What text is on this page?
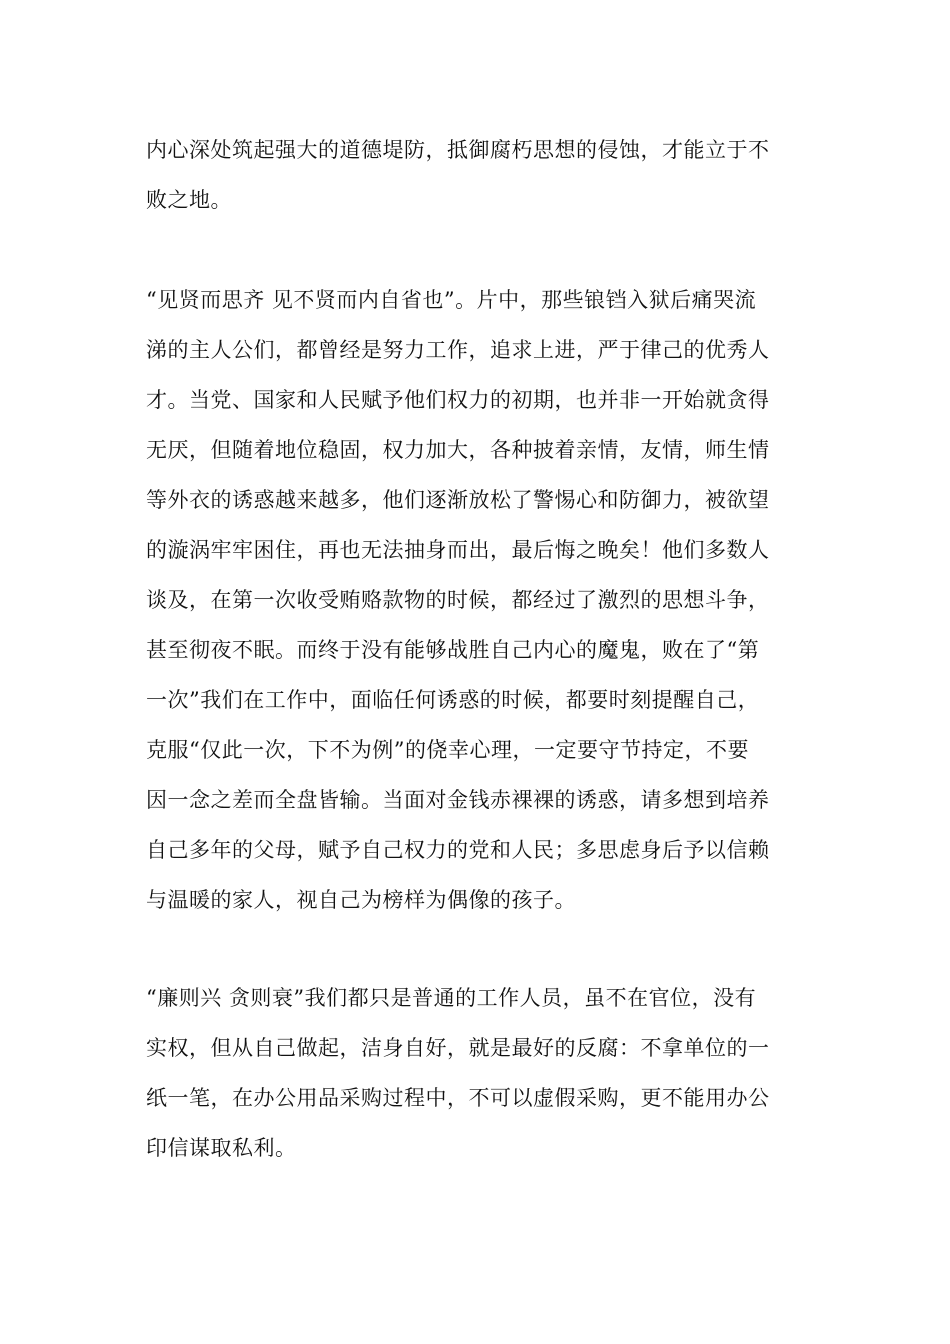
内心深处筑起强大的道德堤防，抵御腐朽思想的侵蚀，才能立于不
败之地。

“见贤而思齐 见不贤而内自省也”。片中，那些锒铛入狱后痛哭流
涕的主人公们，都曾经是努力工作，追求上进，严于律己的优秀人
才。当党、国家和人民赋予他们权力的初期，也并非一开始就贪得
无厌，但随着地位稳固，权力加大，各种披着亲情，友情，师生情
等外衣的诱惑越来越多，他们逐渐放松了警惕心和防御力，被欲望
的漩涡牢牢困住，再也无法抽身而出，最后悔之晚矣！他们多数人
谈及，在第一次收受贿赂款物的时候，都经过了激烈的思想斗争，
甚至彻夜不眠。而终于没有能够战胜自己内心的魔鬼，败在了“第
一次”我们在工作中，面临任何诱惑的时候，都要时刻提醒自己，
克服“仅此一次，下不为例”的侥幸心理，一定要守节持定，不要
因一念之差而全盘皆输。当面对金钱赤裸裸的诱惑，请多想到培养
自己多年的父母，赋予自己权力的党和人民；多思虑身后予以信赖
与温暖的家人，视自己为榜样为偶像的孩子。

“廉则兴 贪则衰”我们都只是普通的工作人员，虽不在官位，没有
实权，但从自己做起，洁身自好，就是最好的反腐：不拿单位的一
纸一笔，在办公用品采购过程中，不可以虚假采购，更不能用办公
印信谋取私利。
